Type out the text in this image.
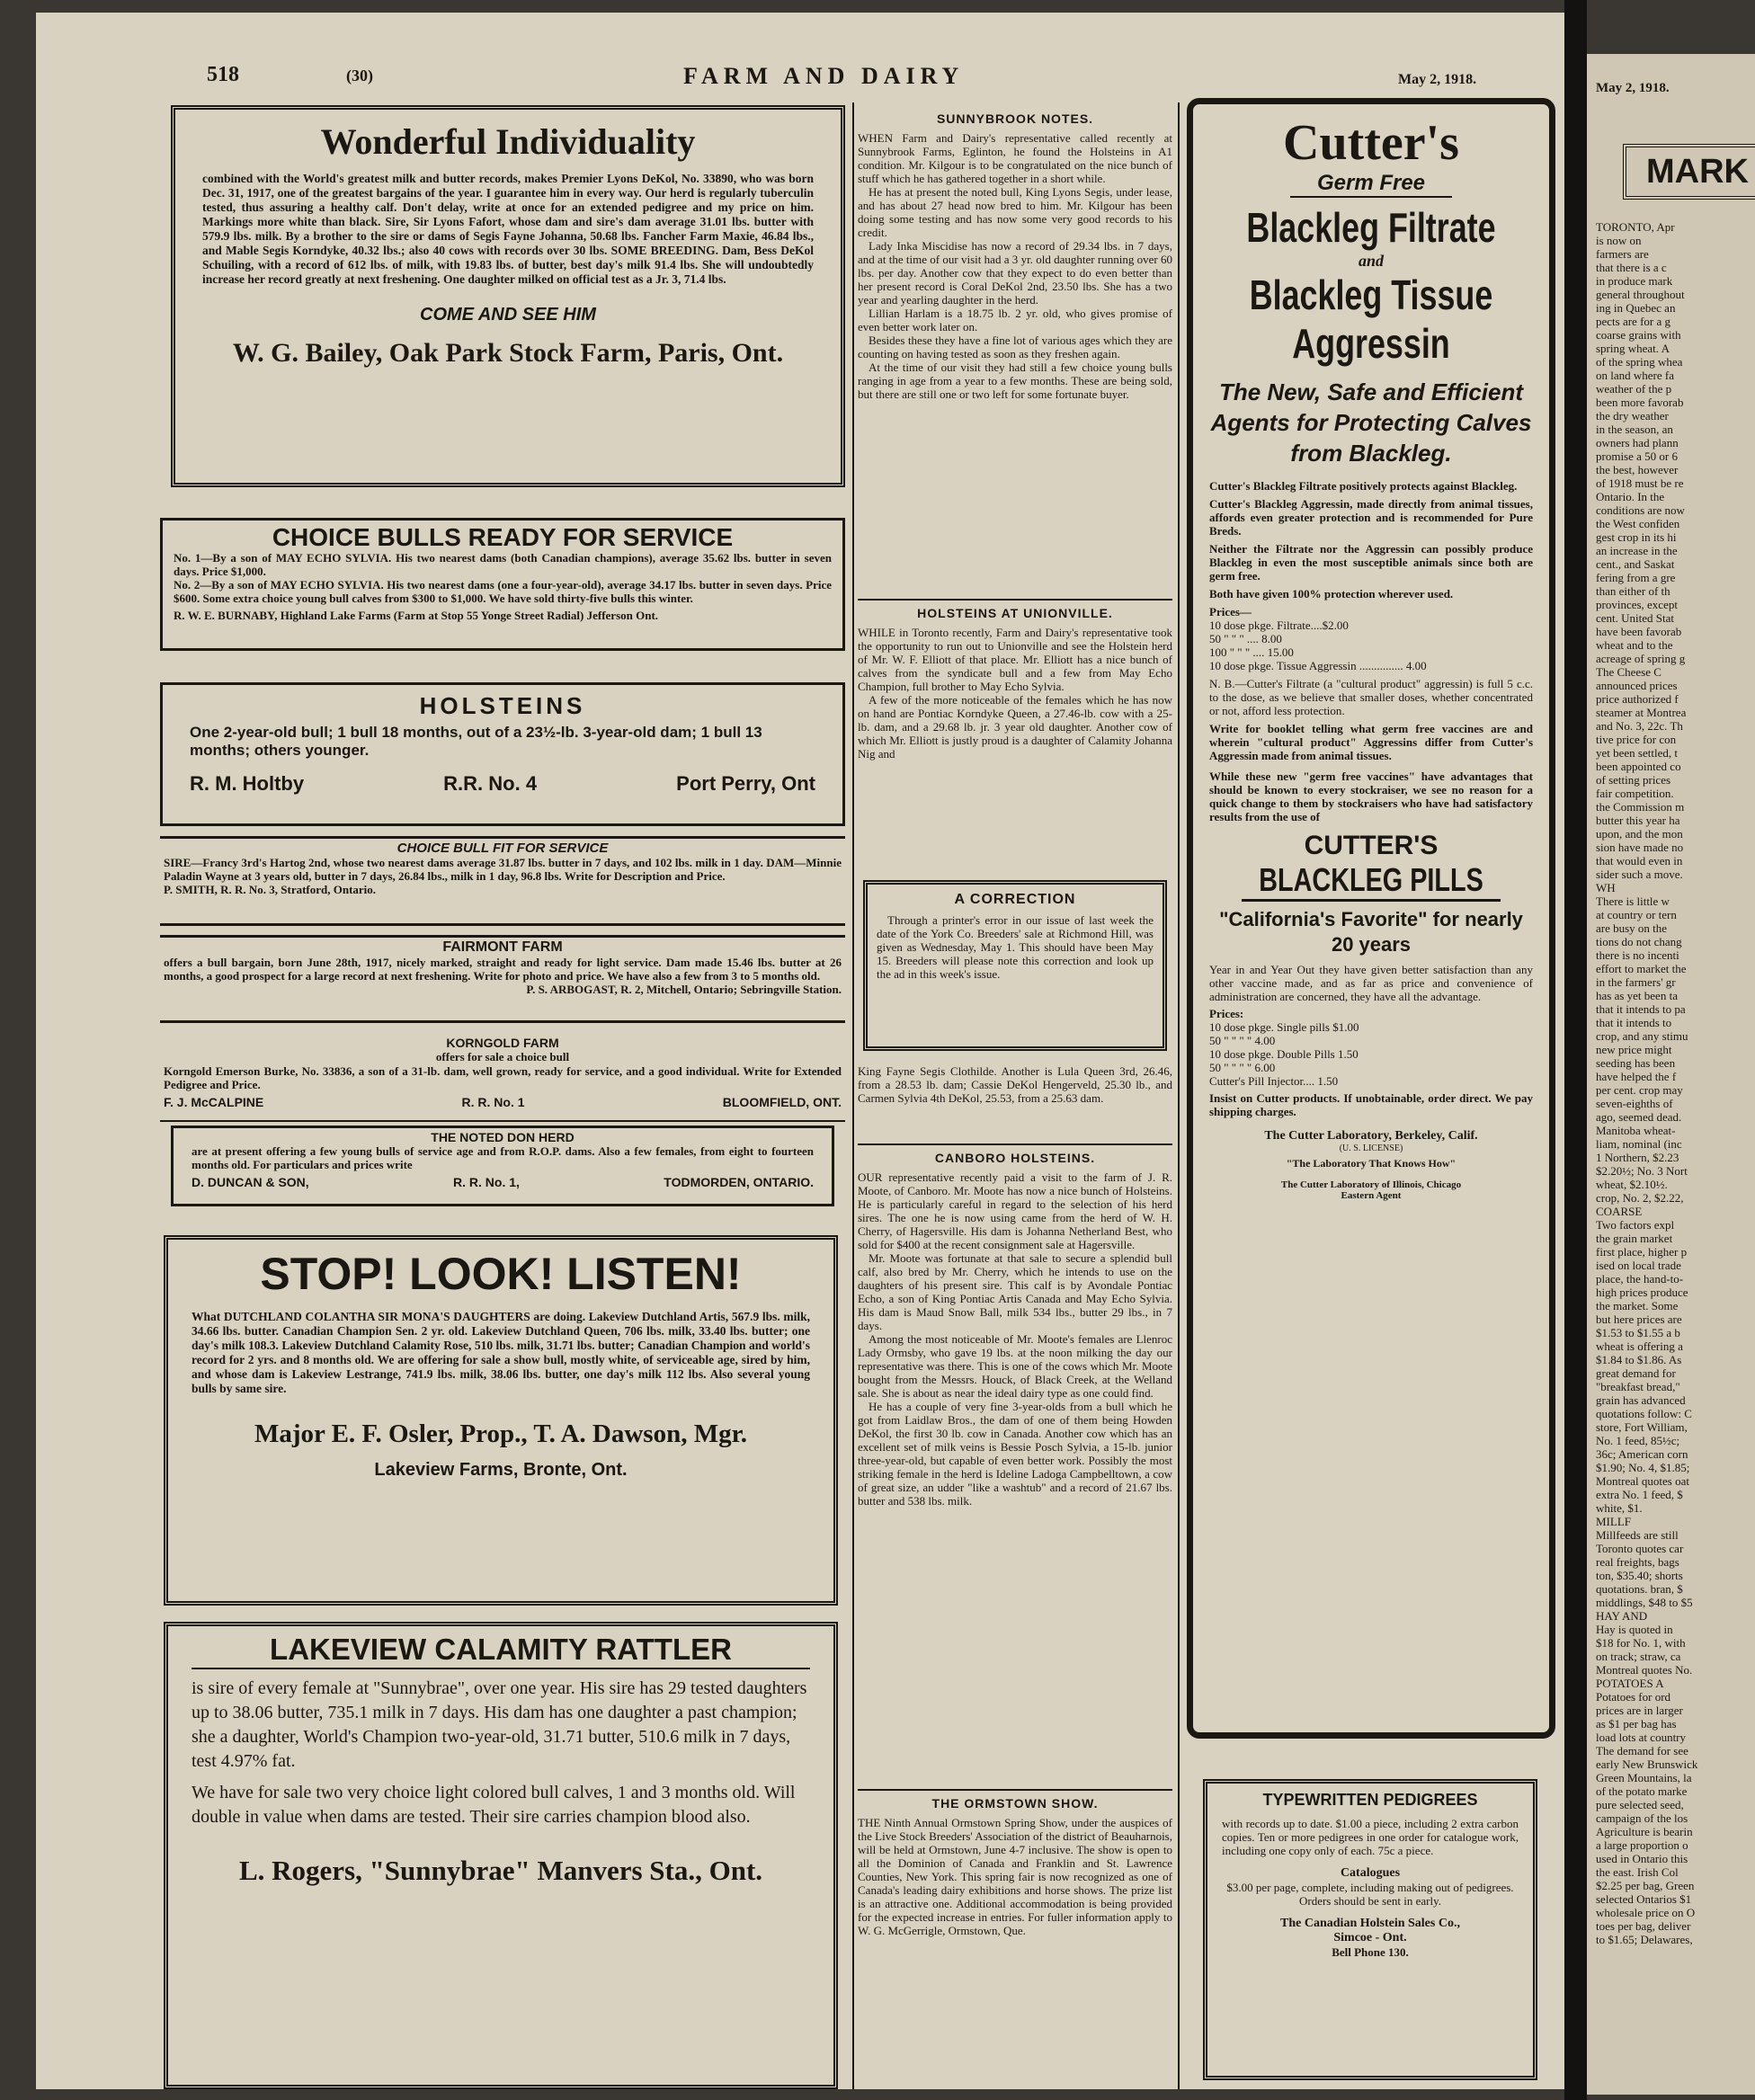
518	(30)	FARM AND DAIRY	May 2, 1918.
Wonderful Individuality

combined with the World's greatest milk and butter records, makes Premier Lyons DeKol, No. 33890, who was born Dec. 31, 1917, one of the greatest bargains of the year. I guarantee him in every way. Our herd is regularly tuberculin tested, thus assuring a healthy calf. Don't delay, write at once for an extended pedigree and my price on him. Markings more white than black. Sire, Sir Lyons Fafort, whose dam and sire's dam average 31.01 lbs. butter with 579.9 lbs. milk. By a brother to the sire or dams of Segis Fayne Johanna, 50.68 lbs. Fancher Farm Maxie, 46.84 lbs., and Mable Segis Korndyke, 40.32 lbs.; also 40 cows with records over 30 lbs. SOME BREEDING. Dam, Bess DeKol Schuiling, with a record of 612 lbs. of milk, with 19.83 lbs. of butter, best day's milk 91.4 lbs. She will undoubtedly increase her record greatly at next freshening. One daughter milked on official test as a Jr. 3, 71.4 lbs.

COME AND SEE HIM
W. G. Bailey, Oak Park Stock Farm, Paris, Ont.
CHOICE BULLS READY FOR SERVICE

No. 1—By a son of MAY ECHO SYLVIA. His two nearest dams (both Canadian champions), average 35.62 lbs. butter in seven days. Price $1,000.

No. 2—By a son of MAY ECHO SYLVIA. His two nearest dams (one a four-year-old), average 34.17 lbs. butter in seven days. Price $600. Some extra choice young bull calves from $300 to $1,000. We have sold thirty-five bulls this winter.

R. W. E. BURNABY, Highland Lake Farms (Farm at Stop 55 Yonge Street Radial) Jefferson Ont.

HOLSTEINS

One 2-year-old bull; 1 bull 18 months, out of a 23½-lb. 3-year-old dam; 1 bull 13 months; others younger.

R. M. Holtby	R.R. No. 4	Port Perry, Ont
CHOICE BULL FIT FOR SERVICE

SIRE—Francy 3rd's Hartog 2nd, whose two nearest dams average 31.87 lbs. butter in 7 days, and 102 lbs. milk in 1 day. DAM—Minnie Paladin Wayne at 3 years old, butter in 7 days, 26.84 lbs., milk in 1 day, 96.8 lbs. Write for Description and Price.

P. SMITH, R. R. No. 3, Stratford, Ontario.

FAIRMONT FARM

offers a bull bargain, born June 28th, 1917, nicely marked, straight and ready for light service. Dam made 15.46 lbs. butter at 26 months, a good prospect for a large record at next freshening. Write for photo and price. We have also a few from 3 to 5 months old.

P. S. ARBOGAST, R. 2, Mitchell, Ontario; Sebringville Station.

KORNGOLD FARM
offers for sale a choice bull

Korngold Emerson Burke, No. 33836, a son of a 31-lb. dam, well grown, ready for service, and a good individual. Write for Extended Pedigree and Price.

F. J. McCALPINE	R. R. No. 1	BLOOMFIELD, ONT.
THE NOTED DON HERD

are at present offering a few young bulls of service age and from R.O.P. dams. Also a few females, from eight to fourteen months old. For particulars and prices write

D. DUNCAN & SON,	R. R. No. 1,	TODMORDEN, ONTARIO.
STOP! LOOK! LISTEN!

What DUTCHLAND COLANTHA SIR MONA'S DAUGHTERS are doing. Lakeview Dutchland Artis, 567.9 lbs. milk, 34.66 lbs. butter. Canadian Champion Sen. 2 yr. old. Lakeview Dutchland Queen, 706 lbs. milk, 33.40 lbs. butter; one day's milk 108.3. Lakeview Dutchland Calamity Rose, 510 lbs. milk, 31.71 lbs. butter; Canadian Champion and world's record for 2 yrs. and 8 months old. We are offering for sale a show bull, mostly white, of serviceable age, sired by him, and whose dam is Lakeview Lestrange, 741.9 lbs. milk, 38.06 lbs. butter, one day's milk 112 lbs. Also several young bulls by same sire.

Major E. F. Osler, Prop., T. A. Dawson, Mgr.
Lakeview Farms, Bronte, Ont.
LAKEVIEW CALAMITY RATTLER

is sire of every female at "Sunnybrae", over one year. His sire has 29 tested daughters up to 38.06 butter, 735.1 milk in 7 days. His dam has one daughter a past champion; she a daughter, World's Champion two-year-old, 31.71 butter, 510.6 milk in 7 days, test 4.97% fat.

We have for sale two very choice light colored bull calves, 1 and 3 months old. Will double in value when dams are tested. Their sire carries champion blood also.

L. Rogers, "Sunnybrae" Manvers Sta., Ont.
SUNNYBROOK NOTES.

WHEN Farm and Dairy's representative called recently at Sunnybrook Farms, Eglinton, he found the Holsteins in A1 condition. Mr. Kilgour is to be congratulated on the nice bunch of stuff which he has gathered together in a short while.

He has at present the noted bull, King Lyons Segis, under lease, and has about 27 head now bred to him. Mr. Kilgour has been doing some testing and has now some very good records to his credit.

Lady Inka Miscidise has now a record of 29.34 lbs. in 7 days, and at the time of our visit had a 3 yr. old daughter running over 60 lbs. per day. Another cow that they expect to do even better than her present record is Coral DeKol 2nd, 23.50 lbs. She has a two year and yearling daughter in the herd.

Lillian Harlam is a 18.75 lb. 2 yr. old, who gives promise of even better work later on.

Besides these they have a fine lot of various ages which they are counting on having tested as soon as they freshen again.

At the time of our visit they had still a few choice young bulls ranging in age from a year to a few months. These are being sold, but there are still one or two left for some fortunate buyer.

HOLSTEINS AT UNIONVILLE.

WHILE in Toronto recently, Farm and Dairy's representative took the opportunity to run out to Unionville and see the Holstein herd of Mr. W. F. Elliott of that place. Mr. Elliott has a nice bunch of calves from the syndicate bull and a few from May Echo Champion, full brother to May Echo Sylvia.

A few of the more noticeable of the females which he has now on hand are Pontiac Korndyke Queen, a 27.46-lb. cow with a 25-lb. dam, and a 29.68 lb. jr. 3 year old daughter. Another cow of which Mr. Elliott is justly proud is a daughter of Calamity Johanna Nig and

A CORRECTION

Through a printer's error in our issue of last week the date of the York Co. Breeders' sale at Richmond Hill, was given as Wednesday, May 1. This should have been May 15. Breeders will please note this correction and look up the ad in this week's issue.

King Fayne Segis Clothilde. Another is Lula Queen 3rd, 26.46, from a 28.53 lb. dam; Cassie DeKol Hengerveld, 25.30 lb., and Carmen Sylvia 4th DeKol, 25.53, from a 25.63 dam.

CANBORO HOLSTEINS.

OUR representative recently paid a visit to the farm of J. R. Moote, of Canboro. Mr. Moote has now a nice bunch of Holsteins. He is particularly careful in regard to the selection of his herd sires. The one he is now using came from the herd of W. H. Cherry, of Hagersville. His dam is Johanna Netherland Best, who sold for $400 at the recent consignment sale at Hagersville.

Mr. Moote was fortunate at that sale to secure a splendid bull calf, also bred by Mr. Cherry, which he intends to use on the daughters of his present sire. This calf is by Avondale Pontiac Echo, a son of King Pontiac Artis Canada and May Echo Sylvia. His dam is Maud Snow Ball, milk 534 lbs., butter 29 lbs., in 7 days.

Among the most noticeable of Mr. Moote's females are Llenroc Lady Ormsby, who gave 19 lbs. at the noon milking the day our representative was there. This is one of the cows which Mr. Moote bought from the Messrs. Houck, of Black Creek, at the Welland sale. She is about as near the ideal dairy type as one could find.

He has a couple of very fine 3-year-olds from a bull which he got from Laidlaw Bros., the dam of one of them being Howden DeKol, the first 30 lb. cow in Canada. Another cow which has an excellent set of milk veins is Bessie Posch Sylvia, a 15-lb. junior three-year-old, but capable of even better work. Possibly the most striking female in the herd is Ideline Ladoga Campbelltown, a cow of great size, an udder "like a washtub" and a record of 21.67 lbs. butter and 538 lbs. milk.

THE ORMSTOWN SHOW.

THE Ninth Annual Ormstown Spring Show, under the auspices of the Live Stock Breeders' Association of the district of Beauharnois, will be held at Ormstown, June 4-7 inclusive. The show is open to all the Dominion of Canada and Franklin and St. Lawrence Counties, New York. This spring fair is now recognized as one of Canada's leading dairy exhibitions and horse shows. The prize list is an attractive one. Additional accommodation is being provided for the expected increase in entries. For fuller information apply to W. G. McGerrigle, Ormstown, Que.

Cutter's
Germ Free
Blackleg Filtrate
and
Blackleg Tissue
Aggressin
The New, Safe and Efficient Agents for Protecting Calves from Blackleg.

Cutter's Blackleg Filtrate positively protects against Blackleg.

Cutter's Blackleg Aggressin, made directly from animal tissues, affords even greater protection and is recommended for Pure Breds.

Neither the Filtrate nor the Aggressin can possibly produce Blackleg in even the most susceptible animals since both are germ free.

Both have given 100% protection wherever used.

Prices—
10 dose pkge. Filtrate....$2.00
50 " " " .... 8.00
100 " " " .... 15.00
10 dose pkge. Tissue Aggressin ............... 4.00

N. B.—Cutter's Filtrate (a "cultural product" aggressin) is full 5 c.c. to the dose, as we believe that smaller doses, whether concentrated or not, afford less protection.

Write for booklet telling what germ free vaccines are and wherein "cultural product" Aggressins differ from Cutter's Aggressin made from animal tissues.

While these new "germ free vaccines" have advantages that should be known to every stockraiser, we see no reason for a quick change to them by stockraisers who have had satisfactory results from the use of

CUTTER'S
BLACKLEG PILLS
"California's Favorite" for nearly 20 years

Year in and Year Out they have given better satisfaction than any other vaccine made, and as far as price and convenience of administration are concerned, they have all the advantage.

Prices:
10 dose pkge. Single pills $1.00
50 " " " " 4.00
10 dose pkge. Double Pills 1.50
50 " " " " 6.00
Cutter's Pill Injector.... 1.50

Insist on Cutter products. If unobtainable, order direct. We pay shipping charges.

The Cutter Laboratory, Berkeley, Calif.
(U. S. LICENSE)
"The Laboratory That Knows How"
The Cutter Laboratory of Illinois, Chicago
Eastern Agent
TYPEWRITTEN PEDIGREES

with records up to date. $1.00 a piece, including 2 extra carbon copies. Ten or more pedigrees in one order for catalogue work, including one copy only of each. 75c a piece.

Catalogues

$3.00 per page, complete, including making out of pedigrees.

Orders should be sent in early.

The Canadian Holstein Sales Co.,
Simcoe - Ont.
Bell Phone 130.
May 2, 1918.
MARK

TORONTO, Apr

is now on

farmers are

that there is a c

in produce mark

general throughout

ing in Quebec an

pects are for a g

coarse grains with

spring wheat. A

of the spring whea

on land where fa

weather of the p

been more favorab

the dry weather

in the season, an

owners had plann

promise a 50 or 6

the best, however

of 1918 must be re

Ontario. In the

conditions are now

the West confiden

gest crop in its hi

an increase in the

cent., and Saskat

fering from a gre

than either of th

provinces, except

cent. United Stat

have been favorab

wheat and to the

acreage of spring g

The Cheese C

announced prices

price authorized f

steamer at Montrea

and No. 3, 22c. Th

tive price for con

yet been settled, t

been appointed co

of setting prices

fair competition.

the Commission m

butter this year ha

upon, and the mon

sion have made no

that would even in

sider such a move.

WH

There is little w

at country or tern

are busy on the

tions do not chang

there is no incenti

effort to market the

in the farmers' gr

has as yet been ta

that it intends to pa

that it intends to

crop, and any stimu

new price might

seeding has been

have helped the f

per cent. crop may

seven-eighths of

ago, seemed dead.

Manitoba wheat-

liam, nominal (inc

1 Northern, $2.23

$2.20½; No. 3 Nort

wheat, $2.10½.

crop, No. 2, $2.22,

COARSE

Two factors expl

the grain market

first place, higher p

ised on local trade

place, the hand-to-

high prices produce

the market. Some

but here prices are

$1.53 to $1.55 a b

wheat is offering a

$1.84 to $1.86. As

great demand for

"breakfast bread,"

grain has advanced

quotations follow: C

store, Fort William,

No. 1 feed, 85½c;

36c; American corn

$1.90; No. 4, $1.85;

Montreal quotes oat

extra No. 1 feed, $

white, $1.

MILLF

Millfeeds are still

Toronto quotes car

real freights, bags

ton, $35.40; shorts

quotations. bran, $

middlings, $48 to $5

HAY AND

Hay is quoted in

$18 for No. 1, with

on track; straw, ca

Montreal quotes No.

POTATOES A

Potatoes for ord

prices are in larger

as $1 per bag has

load lots at country

The demand for see

early New Brunswick

Green Mountains, la

of the potato marke

pure selected seed,

campaign of the los

Agriculture is bearin

a large proportion o

used in Ontario this

the east. Irish Col

$2.25 per bag, Green

selected Ontarios $1

wholesale price on O

toes per bag, deliver

to $1.65; Delawares,
